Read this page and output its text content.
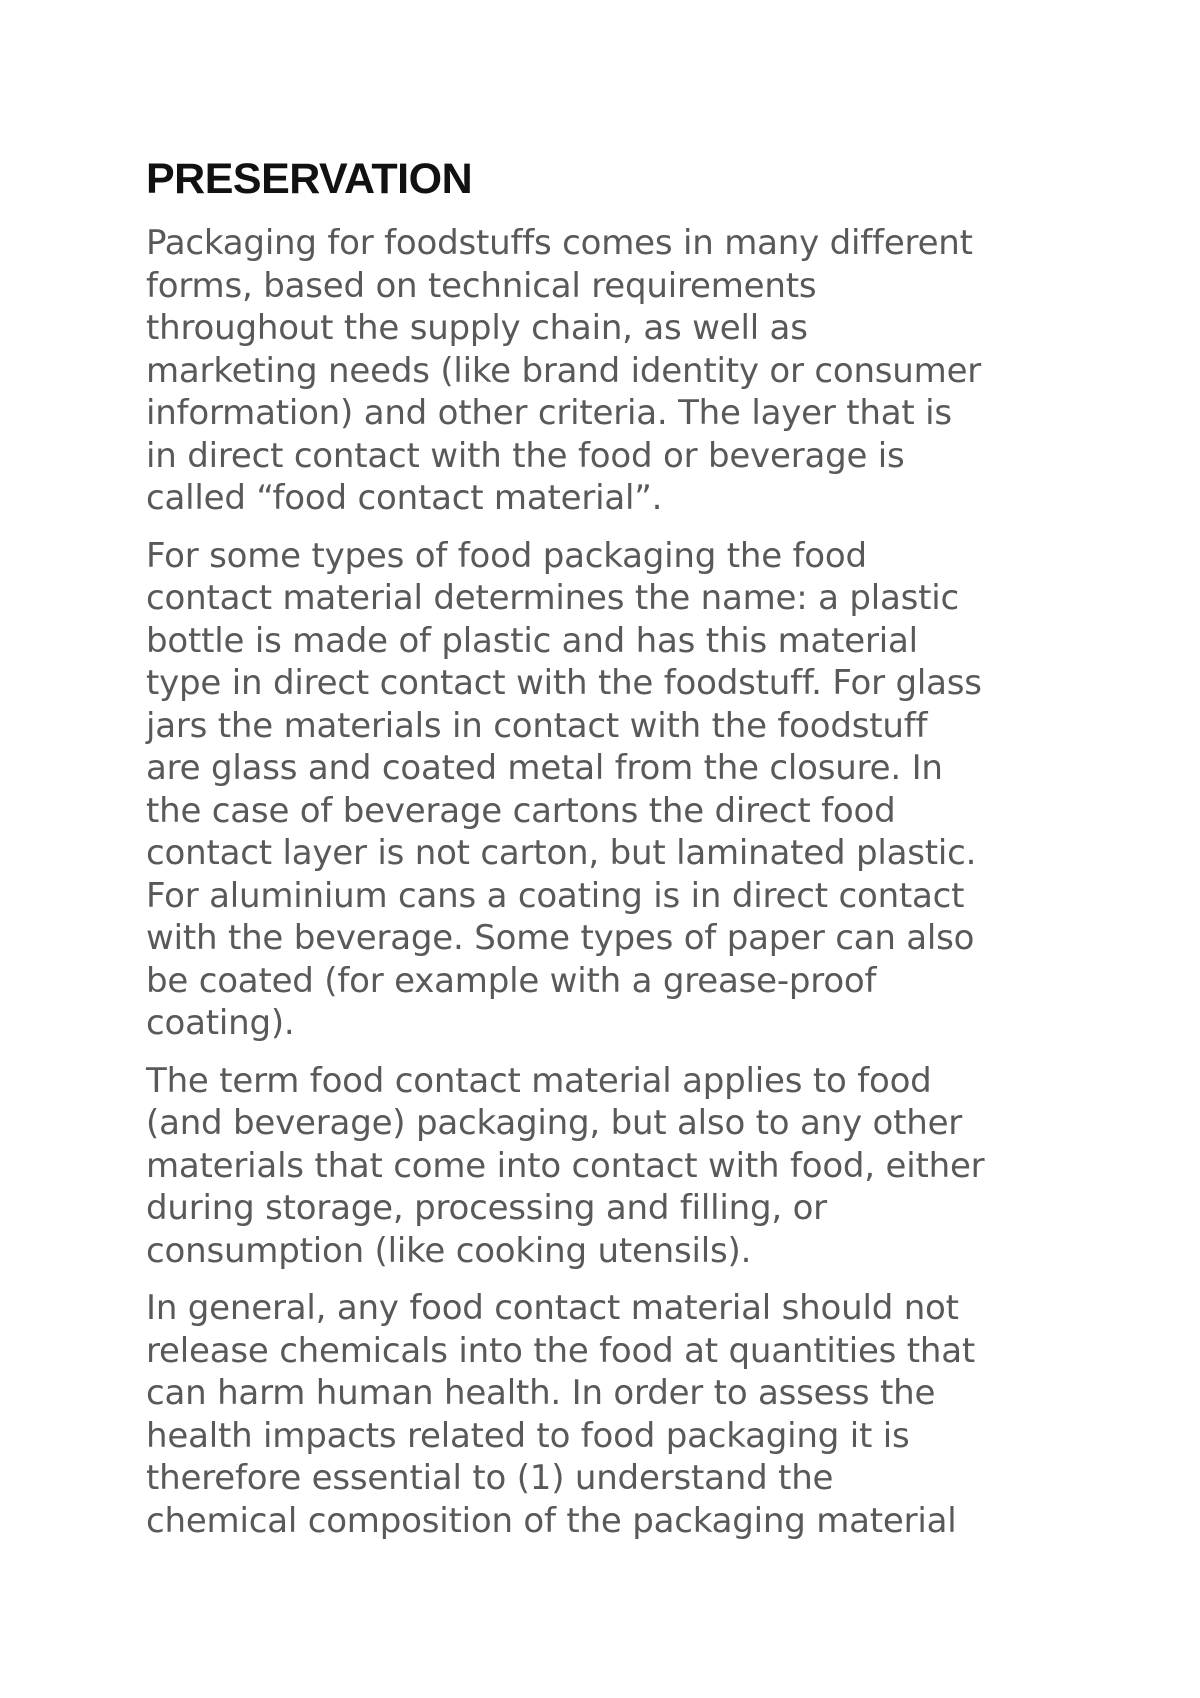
PRESERVATION

Packaging for foodstuffs comes in many different
forms, based on technical requirements
throughout the supply chain, as well as
marketing needs (like brand identity or consumer
information) and other criteria. The layer that is
in direct contact with the food or beverage is
called “food contact material”.

For some types of food packaging the food
contact material determines the name: a plastic
bottle is made of plastic and has this material
type in direct contact with the foodstuff. For glass
jars the materials in contact with the foodstuff
are glass and coated metal from the closure. In
the case of beverage cartons the direct food
contact layer is not carton, but laminated plastic.
For aluminium cans a coating is in direct contact
with the beverage. Some types of paper can also
be coated (for example with a grease-proof
coating).

The term food contact material applies to food
(and beverage) packaging, but also to any other
materials that come into contact with food, either
during storage, processing and filling, or
consumption (like cooking utensils).

In general, any food contact material should not
release chemicals into the food at quantities that
can harm human health. In order to assess the
health impacts related to food packaging it is
therefore essential to (1) understand the
chemical composition of the packaging material
